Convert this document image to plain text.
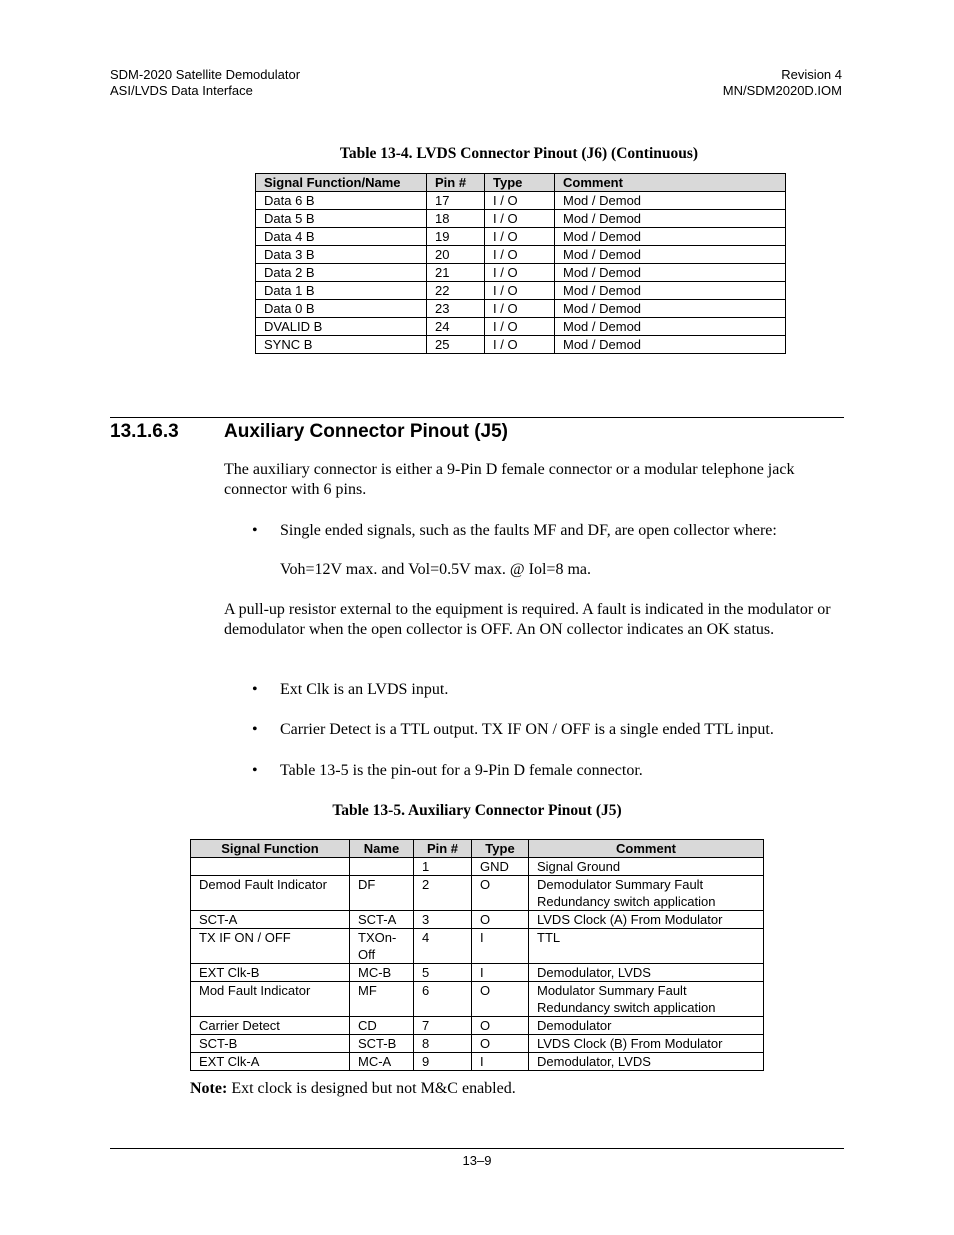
SDM-2020 Satellite Demodulator
ASI/LVDS Data Interface
Revision 4
MN/SDM2020D.IOM
Table 13-4. LVDS Connector Pinout (J6) (Continuous)
Signal Function/Name	Pin #	Type	Comment
Data 6 B	17	I / O	Mod / Demod
Data 5 B	18	I / O	Mod / Demod
Data 4 B	19	I / O	Mod / Demod
Data 3 B	20	I / O	Mod / Demod
Data 2 B	21	I / O	Mod / Demod
Data 1 B	22	I / O	Mod / Demod
Data 0 B	23	I / O	Mod / Demod
DVALID B	24	I / O	Mod / Demod
SYNC B	25	I / O	Mod / Demod
13.1.6.3 Auxiliary Connector Pinout (J5)
The auxiliary connector is either a 9-Pin D female connector or a modular telephone jack connector with 6 pins.
• Single ended signals, such as the faults MF and DF, are open collector where:
Voh=12V max. and Vol=0.5V max. @ Iol=8 ma.
A pull-up resistor external to the equipment is required. A fault is indicated in the modulator or demodulator when the open collector is OFF. An ON collector indicates an OK status.
• Ext Clk is an LVDS input.
• Carrier Detect is a TTL output. TX IF ON / OFF is a single ended TTL input.
• Table 13-5 is the pin-out for a 9-Pin D female connector.
Table 13-5. Auxiliary Connector Pinout (J5)
Signal Function	Name	Pin #	Type	Comment
		1	GND	Signal Ground
Demod Fault Indicator	DF	2	O	Demodulator Summary Fault
Redundancy switch application
SCT-A	SCT-A	3	O	LVDS Clock (A) From Modulator
TX IF ON / OFF	TXOn-
Off	4	I	TTL
EXT Clk-B	MC-B	5	I	Demodulator, LVDS
Mod Fault Indicator	MF	6	O	Modulator Summary Fault
Redundancy switch application
Carrier Detect	CD	7	O	Demodulator
SCT-B	SCT-B	8	O	LVDS Clock (B) From Modulator
EXT Clk-A	MC-A	9	I	Demodulator, LVDS
Note: Ext clock is designed but not M&C enabled.
13–9
